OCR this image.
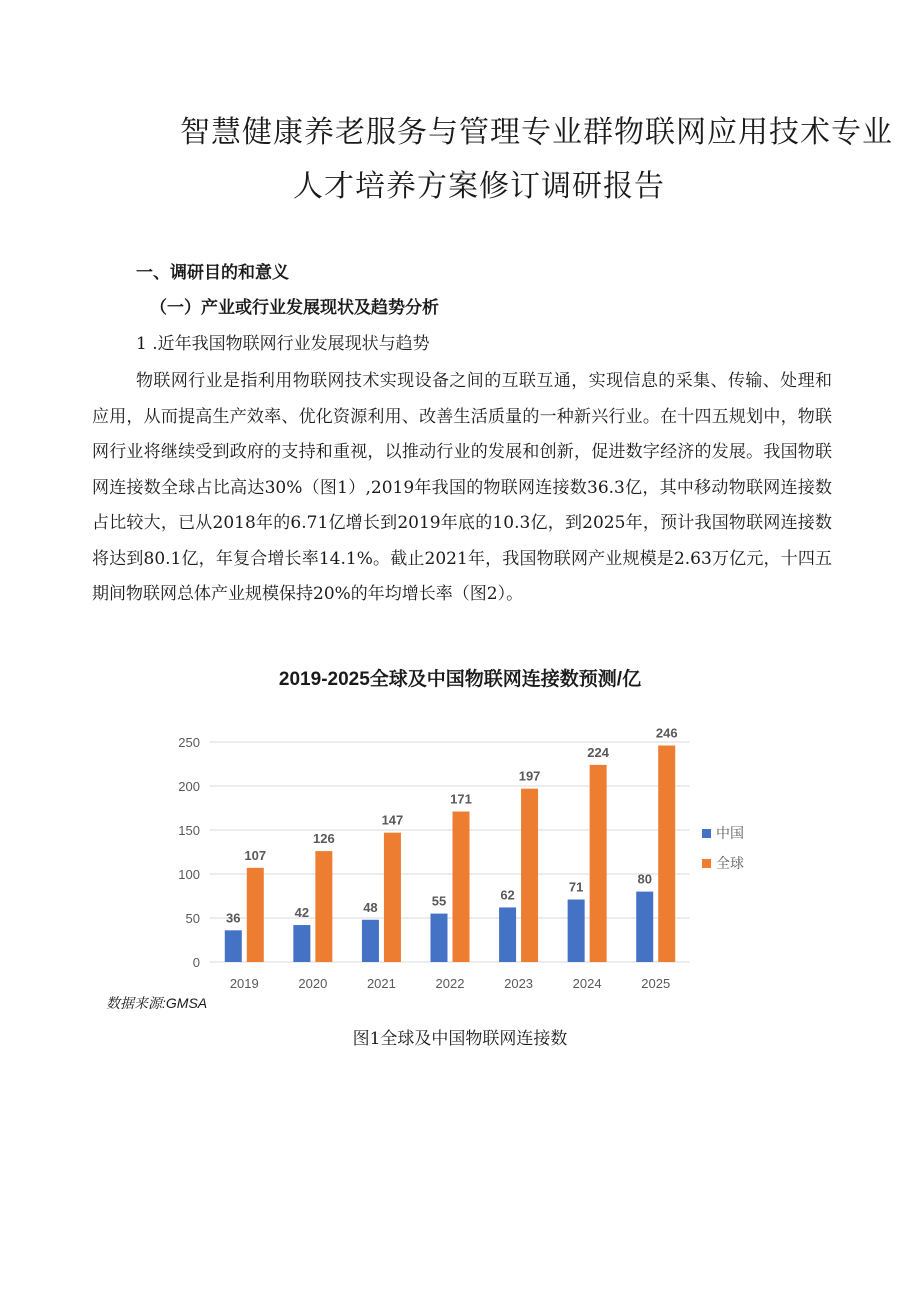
智慧健康养老服务与管理专业群物联网应用技术专业

人才培养方案修订调研报告

一、调研目的和意义

（一）产业或行业发展现状及趋势分析

1 .近年我国物联网行业发展现状与趋势

物联网行业是指利用物联网技术实现设备之间的互联互通，实现信息的采集、传输、处理和应用，从而提高生产效率、优化资源利用、改善生活质量的一种新兴行业。在十四五规划中，物联网行业将继续受到政府的支持和重视，以推动行业的发展和创新，促进数字经济的发展。我国物联网连接数全球占比高达30%（图1）,2019年我国的物联网连接数36.3亿，其中移动物联网连接数占比较大，已从2018年的6.71亿增长到2019年底的10.3亿，到2025年，预计我国物联网连接数将达到80.1亿，年复合增长率14.1%。截止2021年，我国物联网产业规模是2.63万亿元，十四五期间物联网总体产业规模保持20%的年均增长率（图2）。

2019-2025全球及中国物联网连接数预测/亿

0
50
100
150
200
250
36
107
42
126
48
147
55
171
62
197
71
224
80
246
2019	2020	2021	2022	2023	2024	2025
中国
全球

数据来源:GMSA

图1全球及中国物联网连接数
